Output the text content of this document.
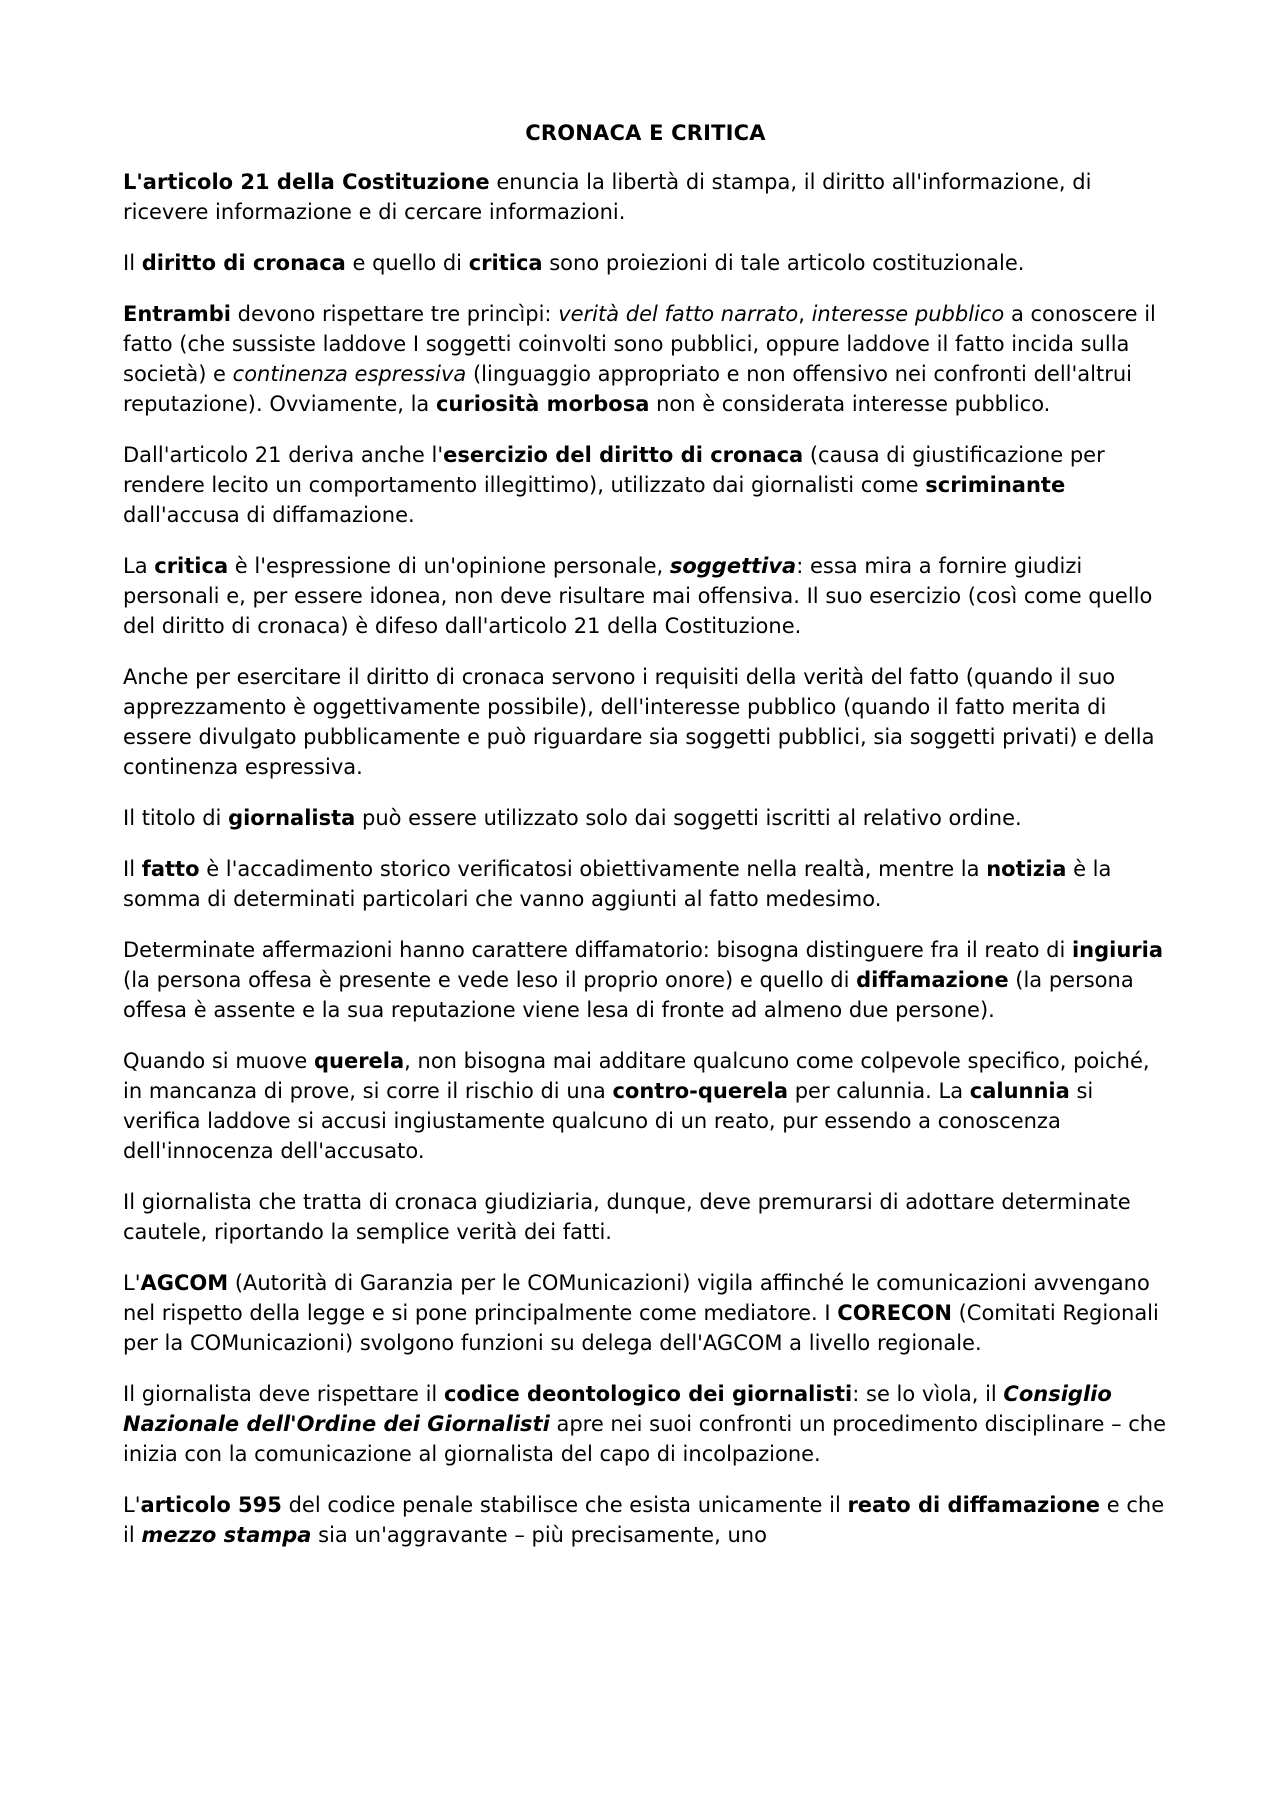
CRONACA E CRITICA

L'articolo 21 della Costituzione enuncia la libertà di stampa, il diritto all'informazione, di ricevere informazione e di cercare informazioni.

Il diritto di cronaca e quello di critica sono proiezioni di tale articolo costituzionale.

Entrambi devono rispettare tre princìpi: verità del fatto narrato, interesse pubblico a conoscere il fatto (che sussiste laddove I soggetti coinvolti sono pubblici, oppure laddove il fatto incida sulla società) e continenza espressiva (linguaggio appropriato e non offensivo nei confronti dell'altrui reputazione). Ovviamente, la curiosità morbosa non è considerata interesse pubblico.

Dall'articolo 21 deriva anche l'esercizio del diritto di cronaca (causa di giustificazione per rendere lecito un comportamento illegittimo), utilizzato dai giornalisti come scriminante dall'accusa di diffamazione.

La critica è l'espressione di un'opinione personale, soggettiva: essa mira a fornire giudizi personali e, per essere idonea, non deve risultare mai offensiva. Il suo esercizio (così come quello del diritto di cronaca) è difeso dall'articolo 21 della Costituzione.

Anche per esercitare il diritto di cronaca servono i requisiti della verità del fatto (quando il suo apprezzamento è oggettivamente possibile), dell'interesse pubblico (quando il fatto merita di essere divulgato pubblicamente e può riguardare sia soggetti pubblici, sia soggetti privati) e della continenza espressiva.

Il titolo di giornalista può essere utilizzato solo dai soggetti iscritti al relativo ordine.

Il fatto è l'accadimento storico verificatosi obiettivamente nella realtà, mentre la notizia è la somma di determinati particolari che vanno aggiunti al fatto medesimo.

Determinate affermazioni hanno carattere diffamatorio: bisogna distinguere fra il reato di ingiuria (la persona offesa è presente e vede leso il proprio onore) e quello di diffamazione (la persona offesa è assente e la sua reputazione viene lesa di fronte ad almeno due persone).

Quando si muove querela, non bisogna mai additare qualcuno come colpevole specifico, poiché, in mancanza di prove, si corre il rischio di una contro-querela per calunnia. La calunnia si verifica laddove si accusi ingiustamente qualcuno di un reato, pur essendo a conoscenza dell'innocenza dell'accusato.

Il giornalista che tratta di cronaca giudiziaria, dunque, deve premurarsi di adottare determinate cautele, riportando la semplice verità dei fatti.

L'AGCOM (Autorità di Garanzia per le COMunicazioni) vigila affinché le comunicazioni avvengano nel rispetto della legge e si pone principalmente come mediatore. I CORECON (Comitati Regionali per la COMunicazioni) svolgono funzioni su delega dell'AGCOM a livello regionale.

Il giornalista deve rispettare il codice deontologico dei giornalisti: se lo vìola, il Consiglio Nazionale dell'Ordine dei Giornalisti apre nei suoi confronti un procedimento disciplinare – che inizia con la comunicazione al giornalista del capo di incolpazione.

L'articolo 595 del codice penale stabilisce che esista unicamente il reato di diffamazione e che il mezzo stampa sia un'aggravante – più precisamente, uno
